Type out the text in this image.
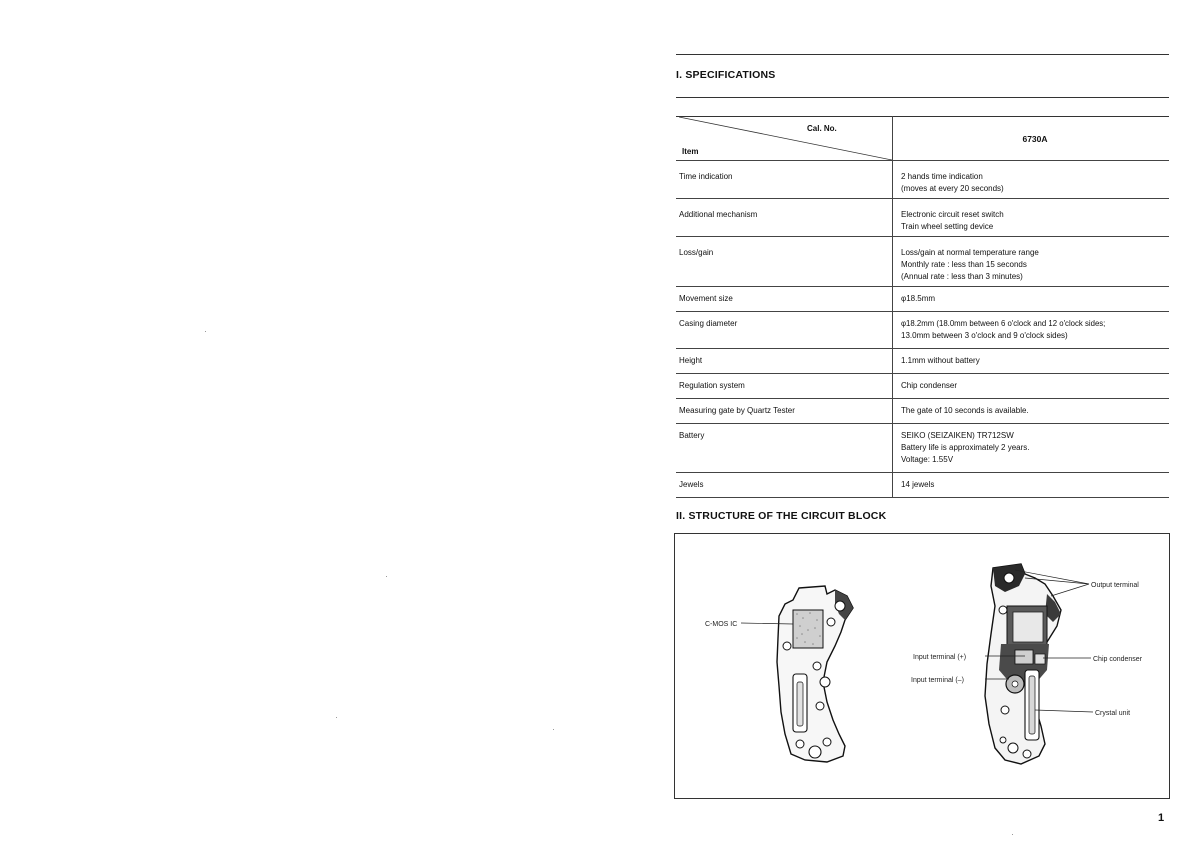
I. SPECIFICATIONS
Cal. No.
Item	6730A

Time indication	2 hands time indication
(moves at every 20 seconds)

Additional mechanism	Electronic circuit reset switch
Train wheel setting device

Loss/gain	Loss/gain at normal temperature range
Monthly rate : less than 15 seconds
(Annual rate : less than 3 minutes)

Movement size	φ18.5mm

Casing diameter	φ18.2mm (18.0mm between 6 o'clock and 12 o'clock sides;
13.0mm between 3 o'clock and 9 o'clock sides)

Height	1.1mm without battery

Regulation system	Chip condenser

Measuring gate by Quartz Tester	The gate of 10 seconds is available.

Battery	SEIKO (SEIZAIKEN) TR712SW
Battery life is approximately 2 years.
Voltage: 1.55V

Jewels	14 jewels
II. STRUCTURE OF THE CIRCUIT BLOCK
C-MOS IC
Output terminal
Input terminal (+)	Chip condenser
Input terminal (–)
Crystal unit
1
